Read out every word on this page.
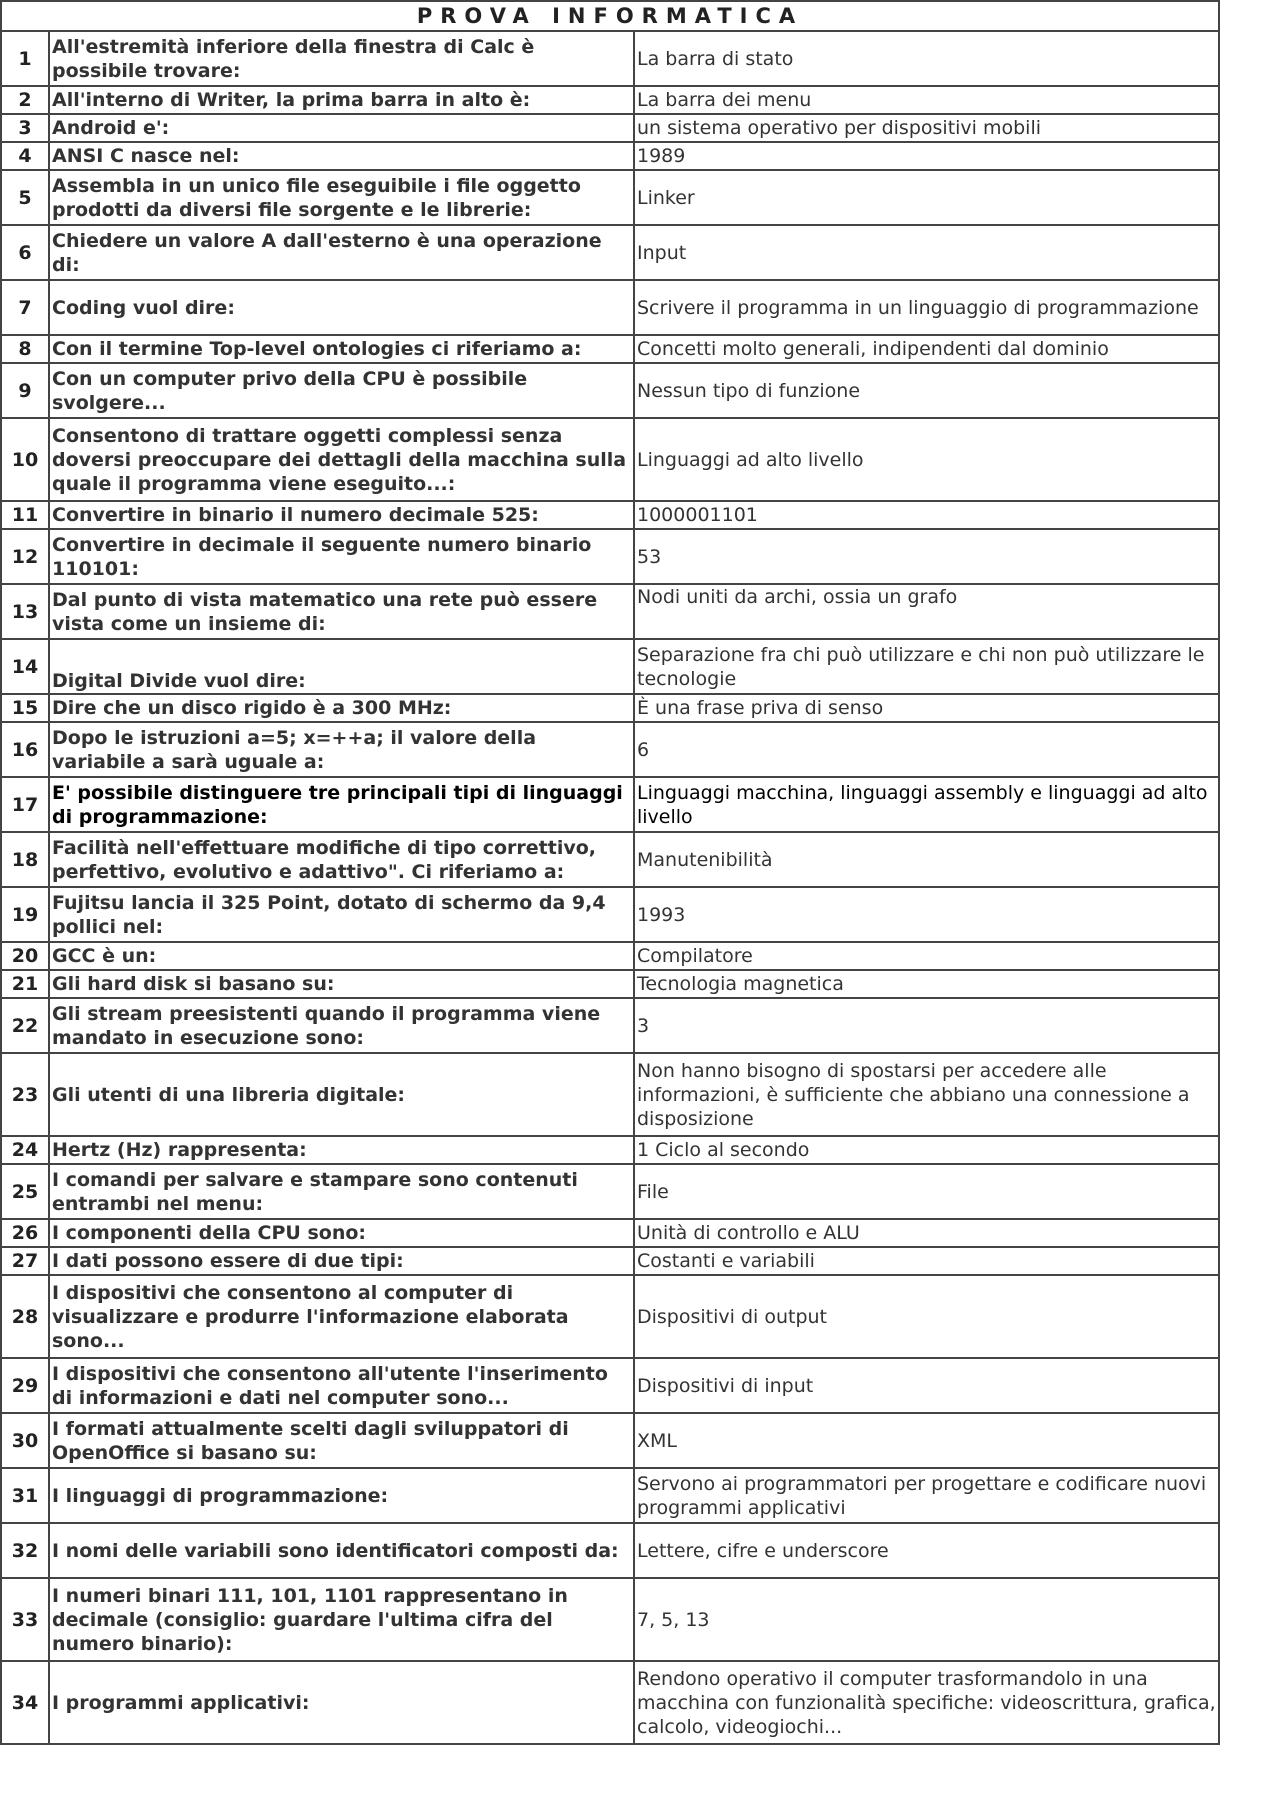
PROVA INFORMATICA		
1	All'estremità inferiore della finestra di Calc è possibile trovare:	La barra di stato
2	All'interno di Writer, la prima barra in alto è:	La barra dei menu
3	Android e':	un sistema operativo per dispositivi mobili
4	ANSI C nasce nel:	1989
5	Assembla in un unico file eseguibile i file oggetto prodotti da diversi file sorgente e le librerie:	Linker
6	Chiedere un valore A dall'esterno è una operazione di:	Input
7	Coding vuol dire:	Scrivere il programma in un linguaggio di programmazione
8	Con il termine Top-level ontologies ci riferiamo a:	Concetti molto generali, indipendenti dal dominio
9	Con un computer privo della CPU è possibile svolgere...	Nessun tipo di funzione
10	Consentono di trattare oggetti complessi senza doversi preoccupare dei dettagli della macchina sulla quale il programma viene eseguito...:	Linguaggi ad alto livello
11	Convertire in binario il numero decimale 525:	1000001101
12	Convertire in decimale il seguente numero binario 110101:	53
13	Dal punto di vista matematico una rete può essere vista come un insieme di:	Nodi uniti da archi, ossia un grafo
14	Digital Divide vuol dire:	Separazione fra chi può utilizzare e chi non può utilizzare le tecnologie
15	Dire che un disco rigido è a 300 MHz:	È una frase priva di senso
16	Dopo le istruzioni a=5; x=++a; il valore della variabile a sarà uguale a:	6
17	E' possibile distinguere tre principali tipi di linguaggi di programmazione:	Linguaggi macchina, linguaggi assembly e linguaggi ad alto livello
18	Facilità nell'effettuare modifiche di tipo correttivo, perfettivo, evolutivo e adattivo". Ci riferiamo a:	Manutenibilità
19	Fujitsu lancia il 325 Point, dotato di schermo da 9,4 pollici nel:	1993
20	GCC è un:	Compilatore
21	Gli hard disk si basano su:	Tecnologia magnetica
22	Gli stream preesistenti quando il programma viene mandato in esecuzione sono:	3
23	Gli utenti di una libreria digitale:	Non hanno bisogno di spostarsi per accedere alle informazioni, è sufficiente che abbiano una connessione a disposizione
24	Hertz (Hz) rappresenta:	1 Ciclo al secondo
25	I comandi per salvare e stampare sono contenuti entrambi nel menu:	File
26	I componenti della CPU sono:	Unità di controllo e ALU
27	I dati possono essere di due tipi:	Costanti e variabili
28	I dispositivi che consentono al computer di visualizzare e produrre l'informazione elaborata sono...	Dispositivi di output
29	I dispositivi che consentono all'utente l'inserimento di informazioni e dati nel computer sono...	Dispositivi di input
30	I formati attualmente scelti dagli sviluppatori di OpenOffice si basano su:	XML
31	I linguaggi di programmazione:	Servono ai programmatori per progettare e codificare nuovi programmi applicativi
32	I nomi delle variabili sono identificatori composti da:	Lettere, cifre e underscore
33	I numeri binari 111, 101, 1101 rappresentano in decimale (consiglio: guardare l'ultima cifra del numero binario):	7, 5, 13
34	I programmi applicativi:	Rendono operativo il computer trasformandolo in una macchina con funzionalità specifiche: videoscrittura, grafica, calcolo, videogiochi...
